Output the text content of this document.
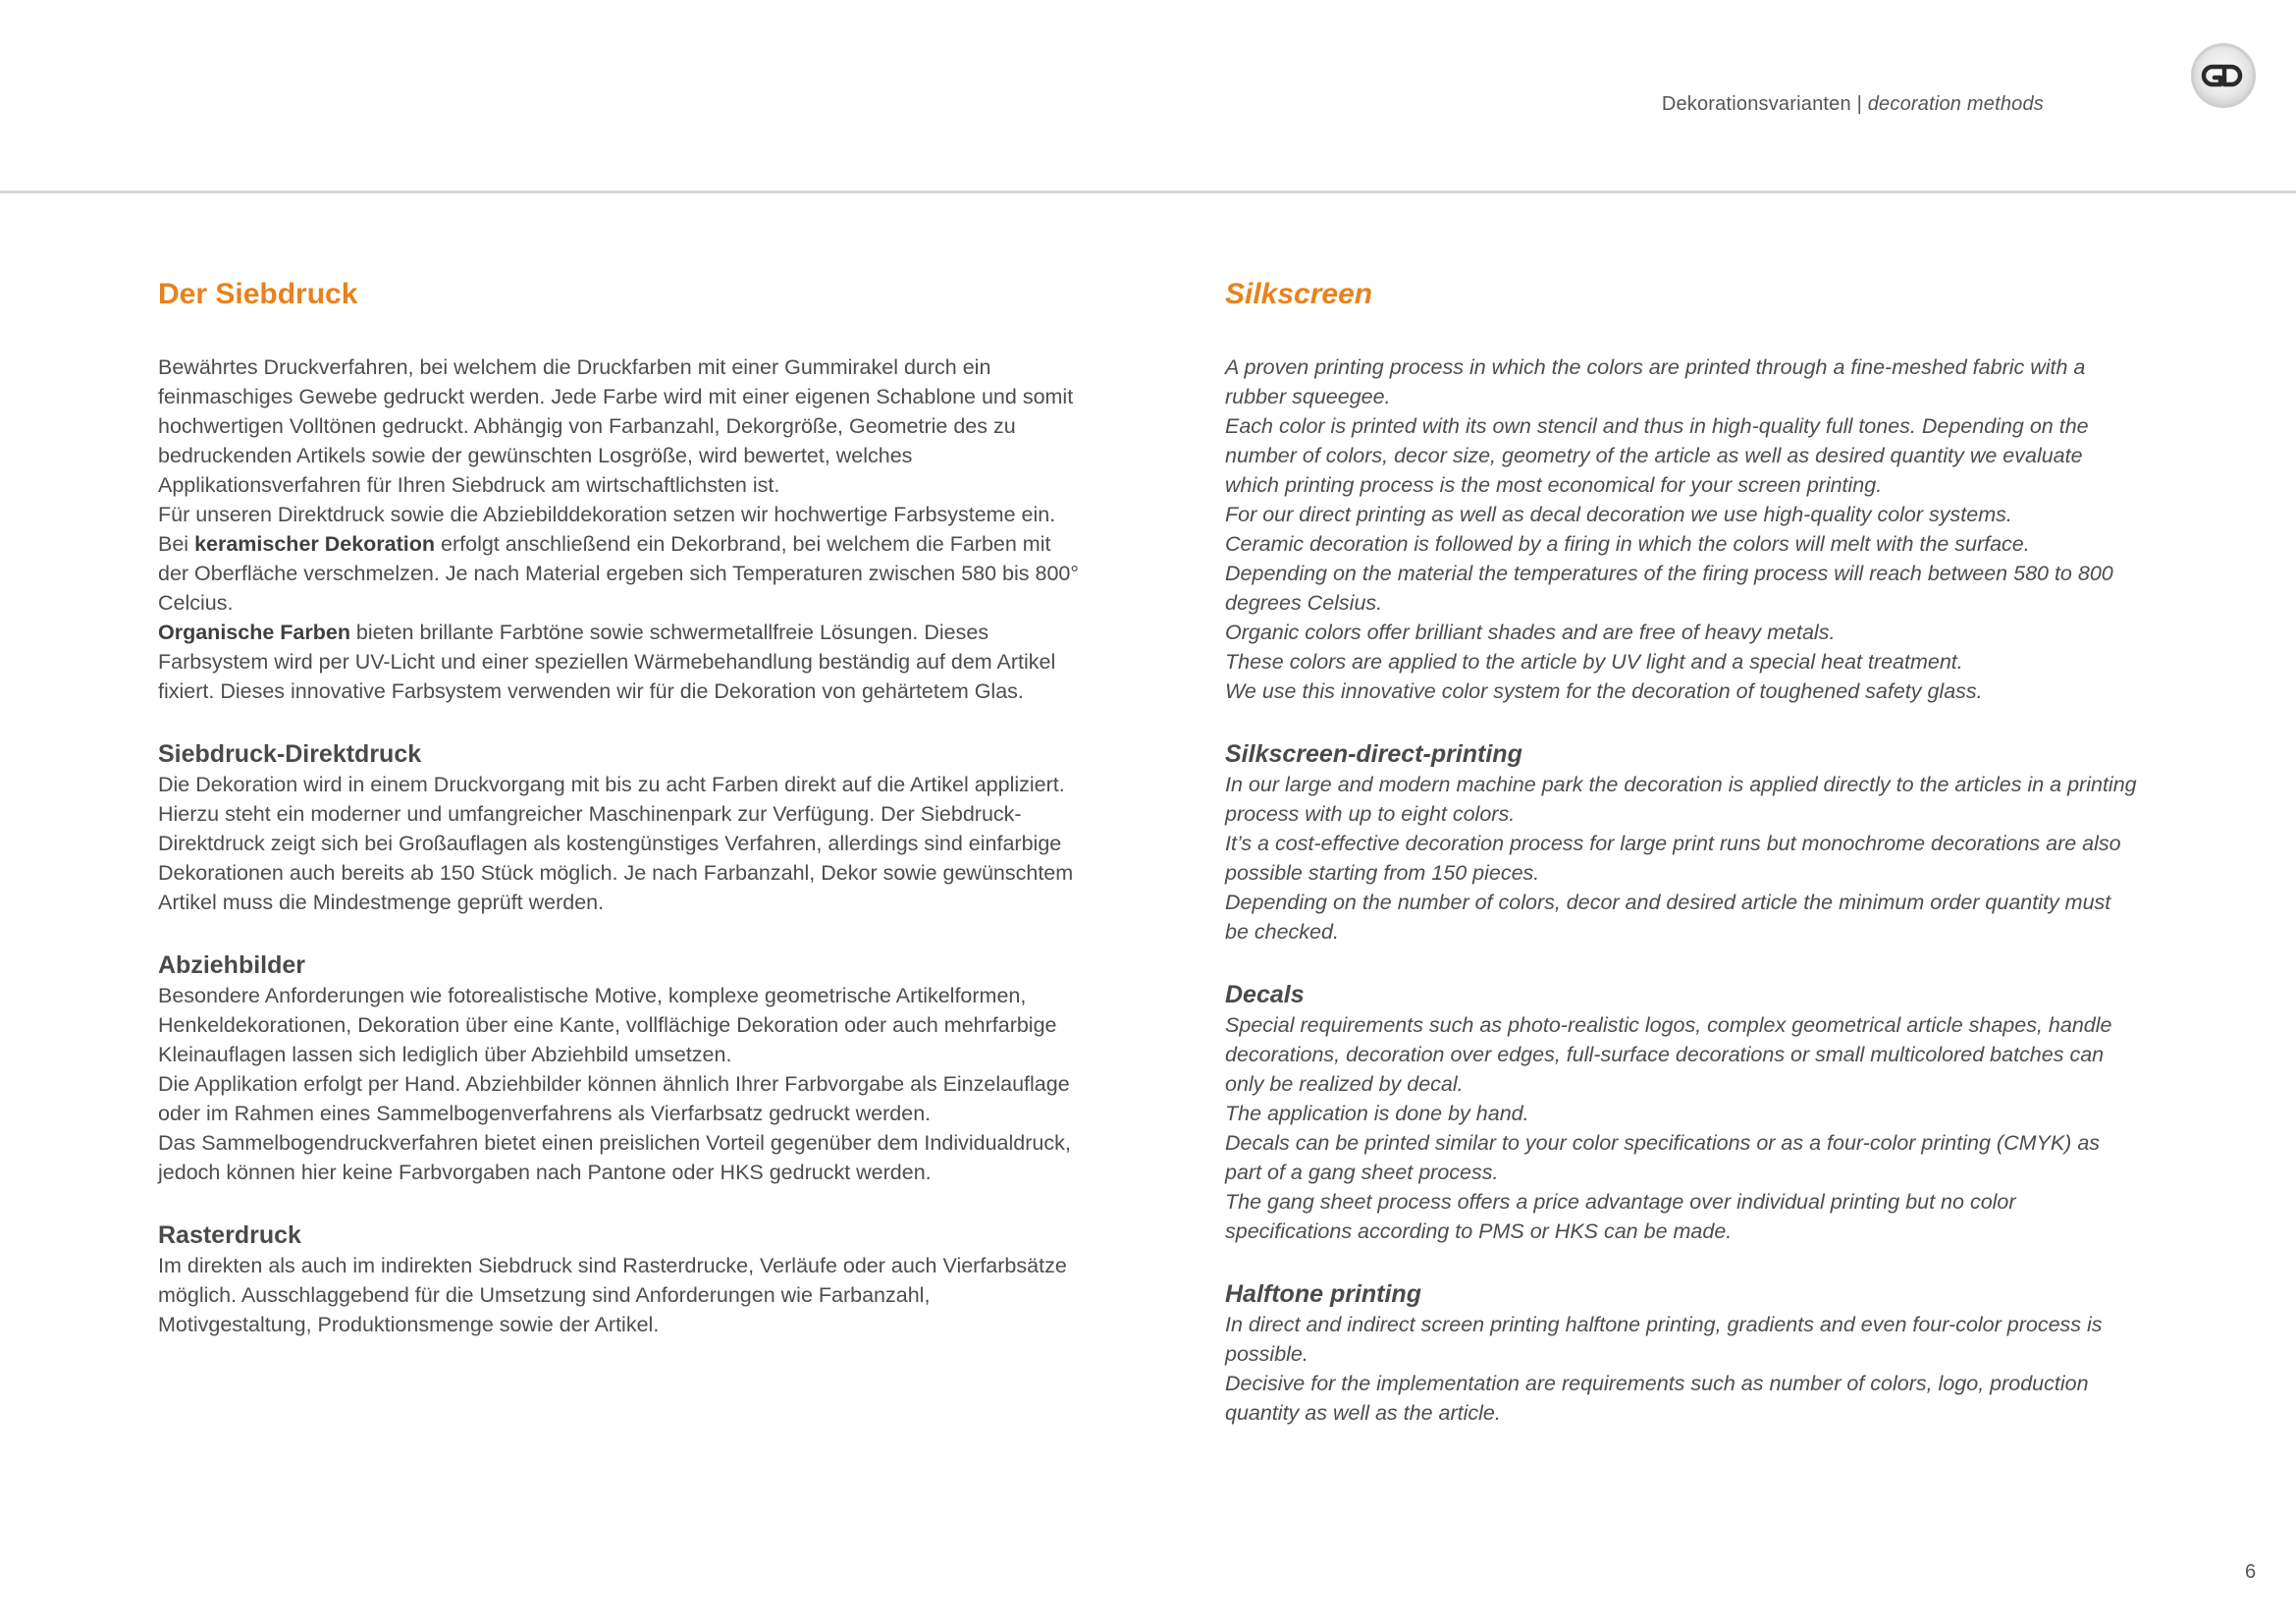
Dekorationsvarianten | decoration methods
Der Siebdruck

Bewährtes Druckverfahren, bei welchem die Druckfarben mit einer Gummirakel durch ein feinmaschiges Gewebe gedruckt werden. Jede Farbe wird mit einer eigenen Schablone und somit hochwertigen Volltönen gedruckt. Abhängig von Farbanzahl, Dekorgröße, Geometrie des zu bedruckenden Artikels sowie der gewünschten Losgröße, wird bewertet, welches Applikationsverfahren für Ihren Siebdruck am wirtschaftlichsten ist.

Für unseren Direktdruck sowie die Abziebilddekoration setzen wir hochwertige Farbsysteme ein.

Bei keramischer Dekoration erfolgt anschließend ein Dekorbrand, bei welchem die Farben mit der Oberfläche verschmelzen. Je nach Material ergeben sich Temperaturen zwischen 580 bis 800° Celcius.

Organische Farben bieten brillante Farbtöne sowie schwermetallfreie Lösungen. Dieses Farbsystem wird per UV-Licht und einer speziellen Wärmebehandlung beständig auf dem Artikel fixiert. Dieses innovative Farbsystem verwenden wir für die Dekoration von gehärtetem Glas.

Siebdruck-Direktdruck

Die Dekoration wird in einem Druckvorgang mit bis zu acht Farben direkt auf die Artikel appliziert. Hierzu steht ein moderner und umfangreicher Maschinenpark zur Verfügung. Der Siebdruck-Direktdruck zeigt sich bei Großauflagen als kostengünstiges Verfahren, allerdings sind einfarbige Dekorationen auch bereits ab 150 Stück möglich. Je nach Farbanzahl, Dekor sowie gewünschtem Artikel muss die Mindestmenge geprüft werden.

Abziehbilder

Besondere Anforderungen wie fotorealistische Motive, komplexe geometrische Artikelformen, Henkeldekorationen, Dekoration über eine Kante, vollflächige Dekoration oder auch mehrfarbige Kleinauflagen lassen sich lediglich über Abziehbild umsetzen.

Die Applikation erfolgt per Hand. Abziehbilder können ähnlich Ihrer Farbvorgabe als Einzelauflage oder im Rahmen eines Sammelbogenverfahrens als Vierfarbsatz gedruckt werden.

Das Sammelbogendruckverfahren bietet einen preislichen Vorteil gegenüber dem Individualdruck, jedoch können hier keine Farbvorgaben nach Pantone oder HKS gedruckt werden.

Rasterdruck

Im direkten als auch im indirekten Siebdruck sind Rasterdrucke, Verläufe oder auch Vierfarbsätze möglich. Ausschlaggebend für die Umsetzung sind Anforderungen wie Farbanzahl, Motivgestaltung, Produktionsmenge sowie der Artikel.

Silkscreen

A proven printing process in which the colors are printed through a fine-meshed fabric with a rubber squeegee.

Each color is printed with its own stencil and thus in high-quality full tones. Depending on the number of colors, decor size, geometry of the article as well as desired quantity we evaluate which printing process is the most economical for your screen printing.

For our direct printing as well as decal decoration we use high-quality color systems.

Ceramic decoration is followed by a firing in which the colors will melt with the surface.

Depending on the material the temperatures of the firing process will reach between 580 to 800 degrees Celsius.

Organic colors offer brilliant shades and are free of heavy metals.

These colors are applied to the article by UV light and a special heat treatment.

We use this innovative color system for the decoration of toughened safety glass.

Silkscreen-direct-printing

In our large and modern machine park the decoration is applied directly to the articles in a printing process with up to eight colors.

It’s a cost-effective decoration process for large print runs but monochrome decorations are also possible starting from 150 pieces.

Depending on the number of colors, decor and desired article the minimum order quantity must be checked.

Decals

Special requirements such as photo-realistic logos, complex geometrical article shapes, handle decorations, decoration over edges, full-surface decorations or small multicolored batches can only be realized by decal.

The application is done by hand.

Decals can be printed similar to your color specifications or as a four-color printing (CMYK) as part of a gang sheet process.

The gang sheet process offers a price advantage over individual printing but no color specifications according to PMS or HKS can be made.

Halftone printing

In direct and indirect screen printing halftone printing, gradients and even four-color process is possible.

Decisive for the implementation are requirements such as number of colors, logo, production quantity as well as the article.

6
